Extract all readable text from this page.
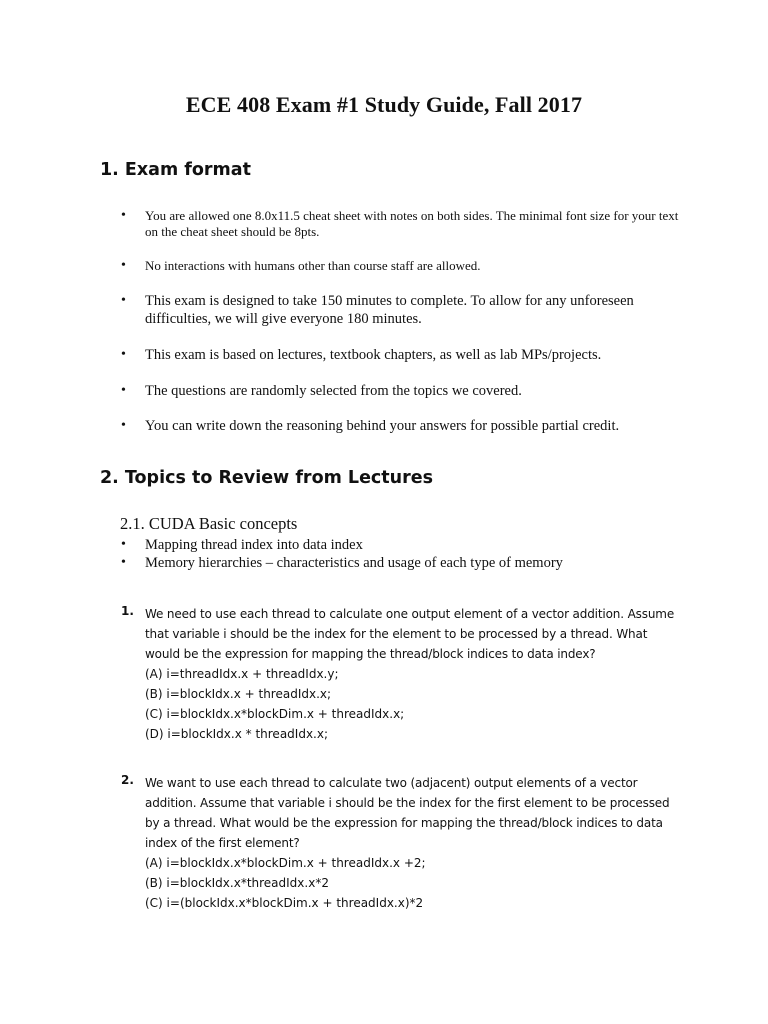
ECE 408 Exam #1 Study Guide, Fall 2017
1. Exam format
• You are allowed one 8.0x11.5 cheat sheet with notes on both sides. The minimal font size for your text on the cheat sheet should be 8pts.
• No interactions with humans other than course staff are allowed.
• This exam is designed to take 150 minutes to complete. To allow for any unforeseen difficulties, we will give everyone 180 minutes.
• This exam is based on lectures, textbook chapters, as well as lab MPs/projects.
• The questions are randomly selected from the topics we covered.
• You can write down the reasoning behind your answers for possible partial credit.
2. Topics to Review from Lectures
2.1. CUDA Basic concepts
• Mapping thread index into data index
• Memory hierarchies – characteristics and usage of each type of memory
1. We need to use each thread to calculate one output element of a vector addition. Assume that variable i should be the index for the element to be processed by a thread. What would be the expression for mapping the thread/block indices to data index?
(A) i=threadIdx.x + threadIdx.y;
(B) i=blockIdx.x + threadIdx.x;
(C) i=blockIdx.x*blockDim.x + threadIdx.x;
(D) i=blockIdx.x * threadIdx.x;
2. We want to use each thread to calculate two (adjacent) output elements of a vector addition. Assume that variable i should be the index for the first element to be processed by a thread. What would be the expression for mapping the thread/block indices to data index of the first element?
(A) i=blockIdx.x*blockDim.x + threadIdx.x +2;
(B) i=blockIdx.x*threadIdx.x*2
(C) i=(blockIdx.x*blockDim.x + threadIdx.x)*2
